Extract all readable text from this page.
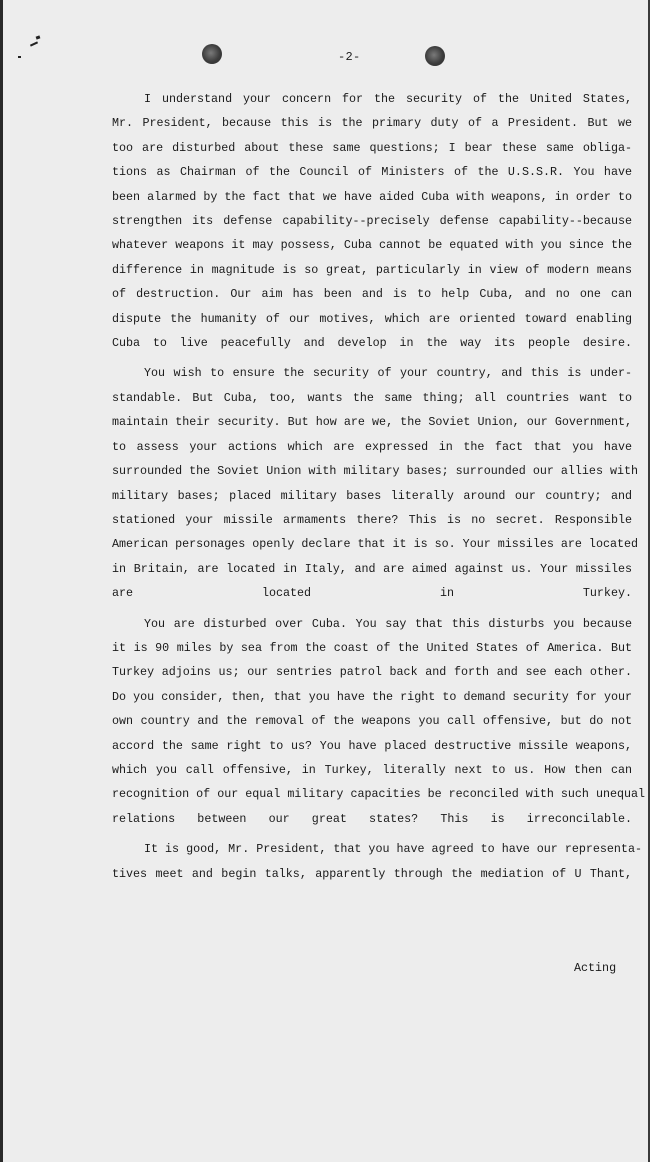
-2-

I understand your concern for the security of the United States,
Mr. President, because this is the primary duty of a President. But we
too are disturbed about these same questions; I bear these same obliga-
tions as Chairman of the Council of Ministers of the U.S.S.R. You have
been alarmed by the fact that we have aided Cuba with weapons, in order to
strengthen its defense capability--precisely defense capability--because
whatever weapons it may possess, Cuba cannot be equated with you since the
difference in magnitude is so great, particularly in view of modern means
of destruction. Our aim has been and is to help Cuba, and no one can
dispute the humanity of our motives, which are oriented toward enabling
Cuba to live peacefully and develop in the way its people desire.

You wish to ensure the security of your country, and this is under-
standable. But Cuba, too, wants the same thing; all countries want to
maintain their security. But how are we, the Soviet Union, our Government,
to assess your actions which are expressed in the fact that you have
surrounded the Soviet Union with military bases; surrounded our allies with
military bases; placed military bases literally around our country; and
stationed your missile armaments there? This is no secret. Responsible
American personages openly declare that it is so. Your missiles are located
in Britain, are located in Italy, and are aimed against us. Your missiles
are located in Turkey.

You are disturbed over Cuba. You say that this disturbs you because
it is 90 miles by sea from the coast of the United States of America. But
Turkey adjoins us; our sentries patrol back and forth and see each other.
Do you consider, then, that you have the right to demand security for your
own country and the removal of the weapons you call offensive, but do not
accord the same right to us? You have placed destructive missile weapons,
which you call offensive, in Turkey, literally next to us. How then can
recognition of our equal military capacities be reconciled with such unequal
relations between our great states? This is irreconcilable.

It is good, Mr. President, that you have agreed to have our representa-
tives meet and begin talks, apparently through the mediation of U Thant,

Acting
